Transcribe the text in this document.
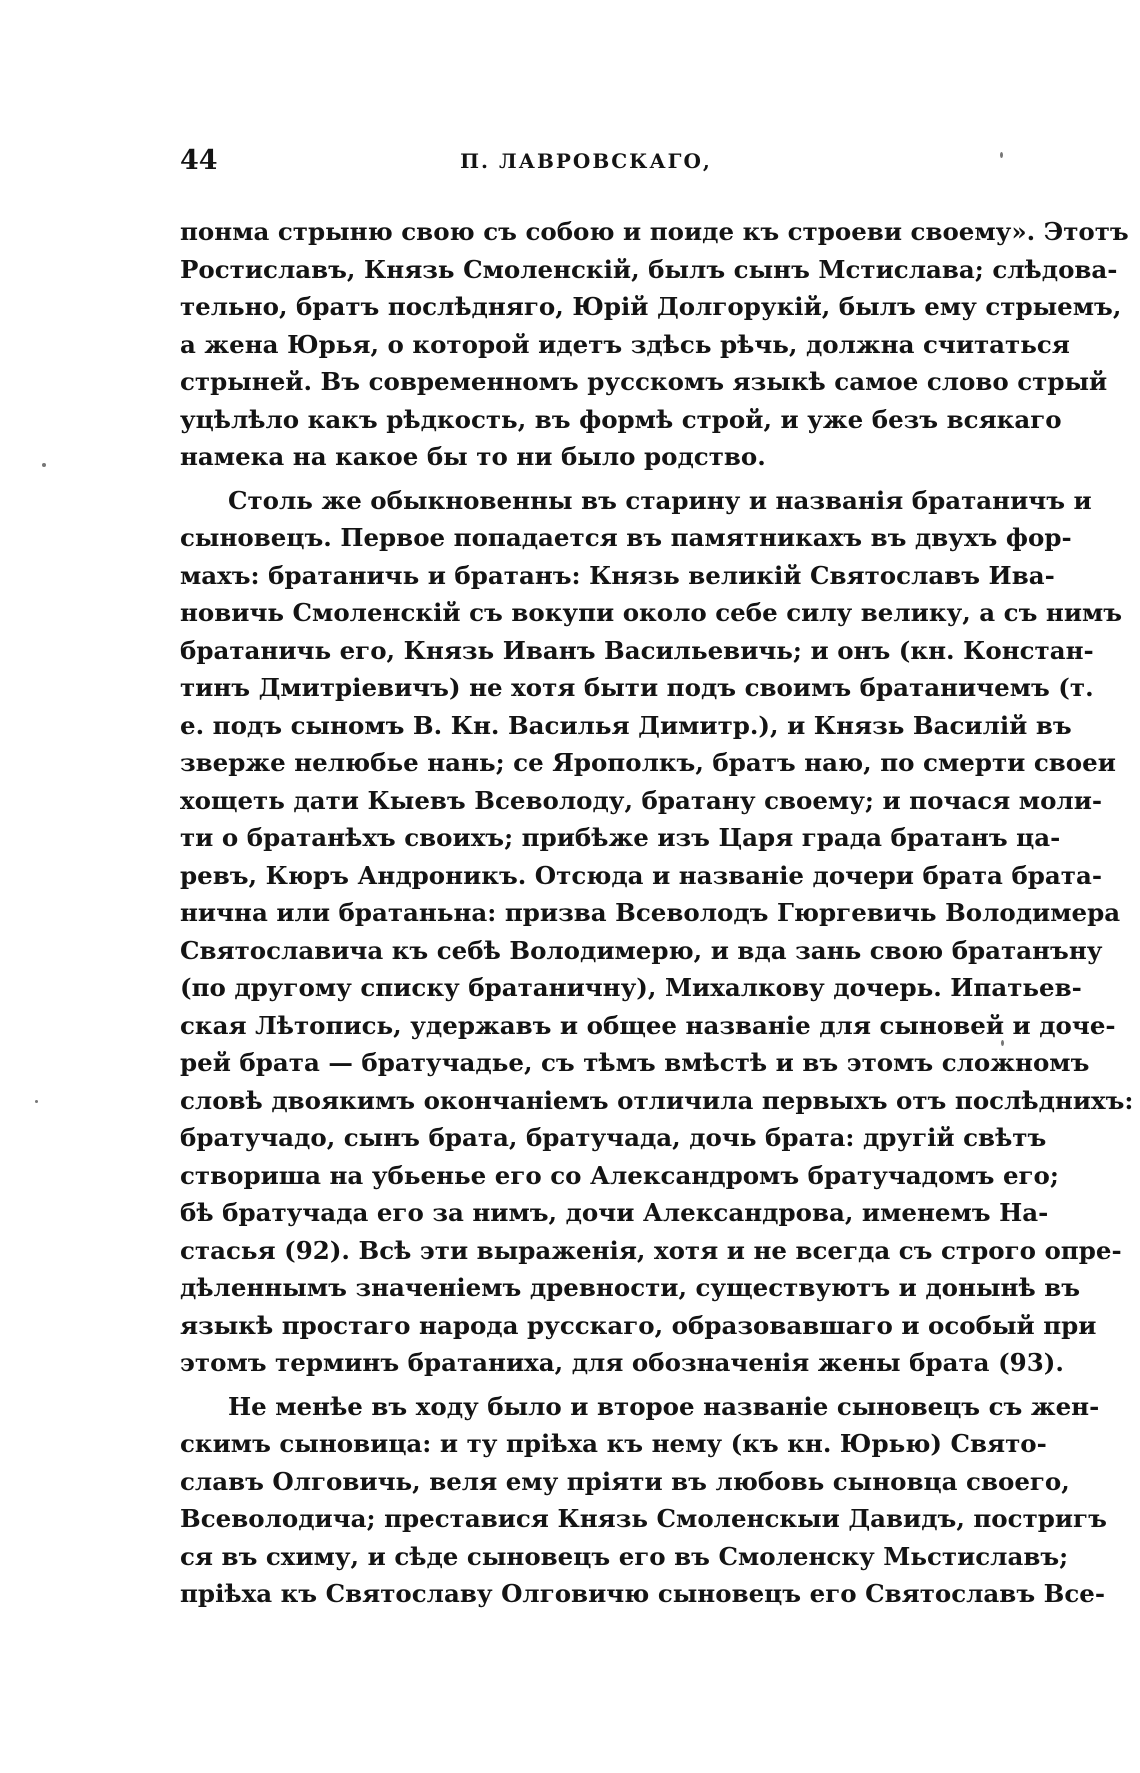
44	П. ЛАВРОВСКАГО,
понма стрыню свою съ собою и поиде къ строеви своему». Этотъ
Ростиславъ, Князь Смоленскій, былъ сынъ Мстислава; слѣдова-
тельно, братъ послѣдняго, Юрій Долгорукій, былъ ему стрыемъ,
а жена Юрья, о которой идетъ здѣсь рѣчь, должна считаться
стрыней. Въ современномъ русскомъ языкѣ самое слово стрый
уцѣлѣло какъ рѣдкость, въ формѣ строй, и уже безъ всякаго
намека на какое бы то ни было родство.
Столь же обыкновенны въ старину и названія братаничъ и
сыновецъ. Первое попадается въ памятникахъ въ двухъ фор-
махъ: братаничь и братанъ: Князь великій Святославъ Ива-
новичь Смоленскій съ вокупи около себе силу велику, а съ нимъ
братаничь его, Князь Иванъ Васильевичь; и онъ (кн. Констан-
тинъ Дмитріевичъ) не хотя быти подъ своимъ братаничемъ (т.
е. подъ сыномъ В. Кн. Василья Димитр.), и Князь Василій въ
зверже нелюбье нань; се Ярополкъ, братъ наю, по смерти своеи
хощеть дати Кыевъ Всеволоду, братану своему; и почася моли-
ти о братанѣхъ своихъ; прибѣже изъ Царя града братанъ ца-
ревъ, Кюръ Андроникъ. Отсюда и названіе дочери брата брата-
нична или братаньна: призва Всеволодъ Гюргевичь Володимера
Святославича къ себѣ Володимерю, и вда зань свою братанъну
(по другому списку братаничну), Михалкову дочерь. Ипатьев-
ская Лѣтопись, удержавъ и общее названіе для сыновей и доче-
рей брата — братучадье, съ тѣмъ вмѣстѣ и въ этомъ сложномъ
словѣ двоякимъ окончаніемъ отличила первыхъ отъ послѣднихъ:
братучадо, сынъ брата, братучада, дочь брата: другій свѣтъ
створиша на убьенье его со Александромъ братучадомъ его;
бѣ братучада его за нимъ, дочи Александрова, именемъ На-
стасья (92). Всѣ эти выраженія, хотя и не всегда съ строго опре-
дѣленнымъ значеніемъ древности, существуютъ и донынѣ въ
языкѣ простаго народа русскаго, образовавшаго и особый при
этомъ терминъ братаниха, для обозначенія жены брата (93).
Не менѣе въ ходу было и второе названіе сыновецъ съ жен-
скимъ сыновица: и ту пріѣха къ нему (къ кн. Юрью) Свято-
славъ Олговичь, веля ему пріяти въ любовь сыновца своего,
Всеволодича; преставися Князь Смоленскыи Давидъ, постригъ
ся въ схиму, и сѣде сыновецъ его въ Смоленску Мьстиславъ;
пріѣха къ Святославу Олговичю сыновецъ его Святославъ Все-
